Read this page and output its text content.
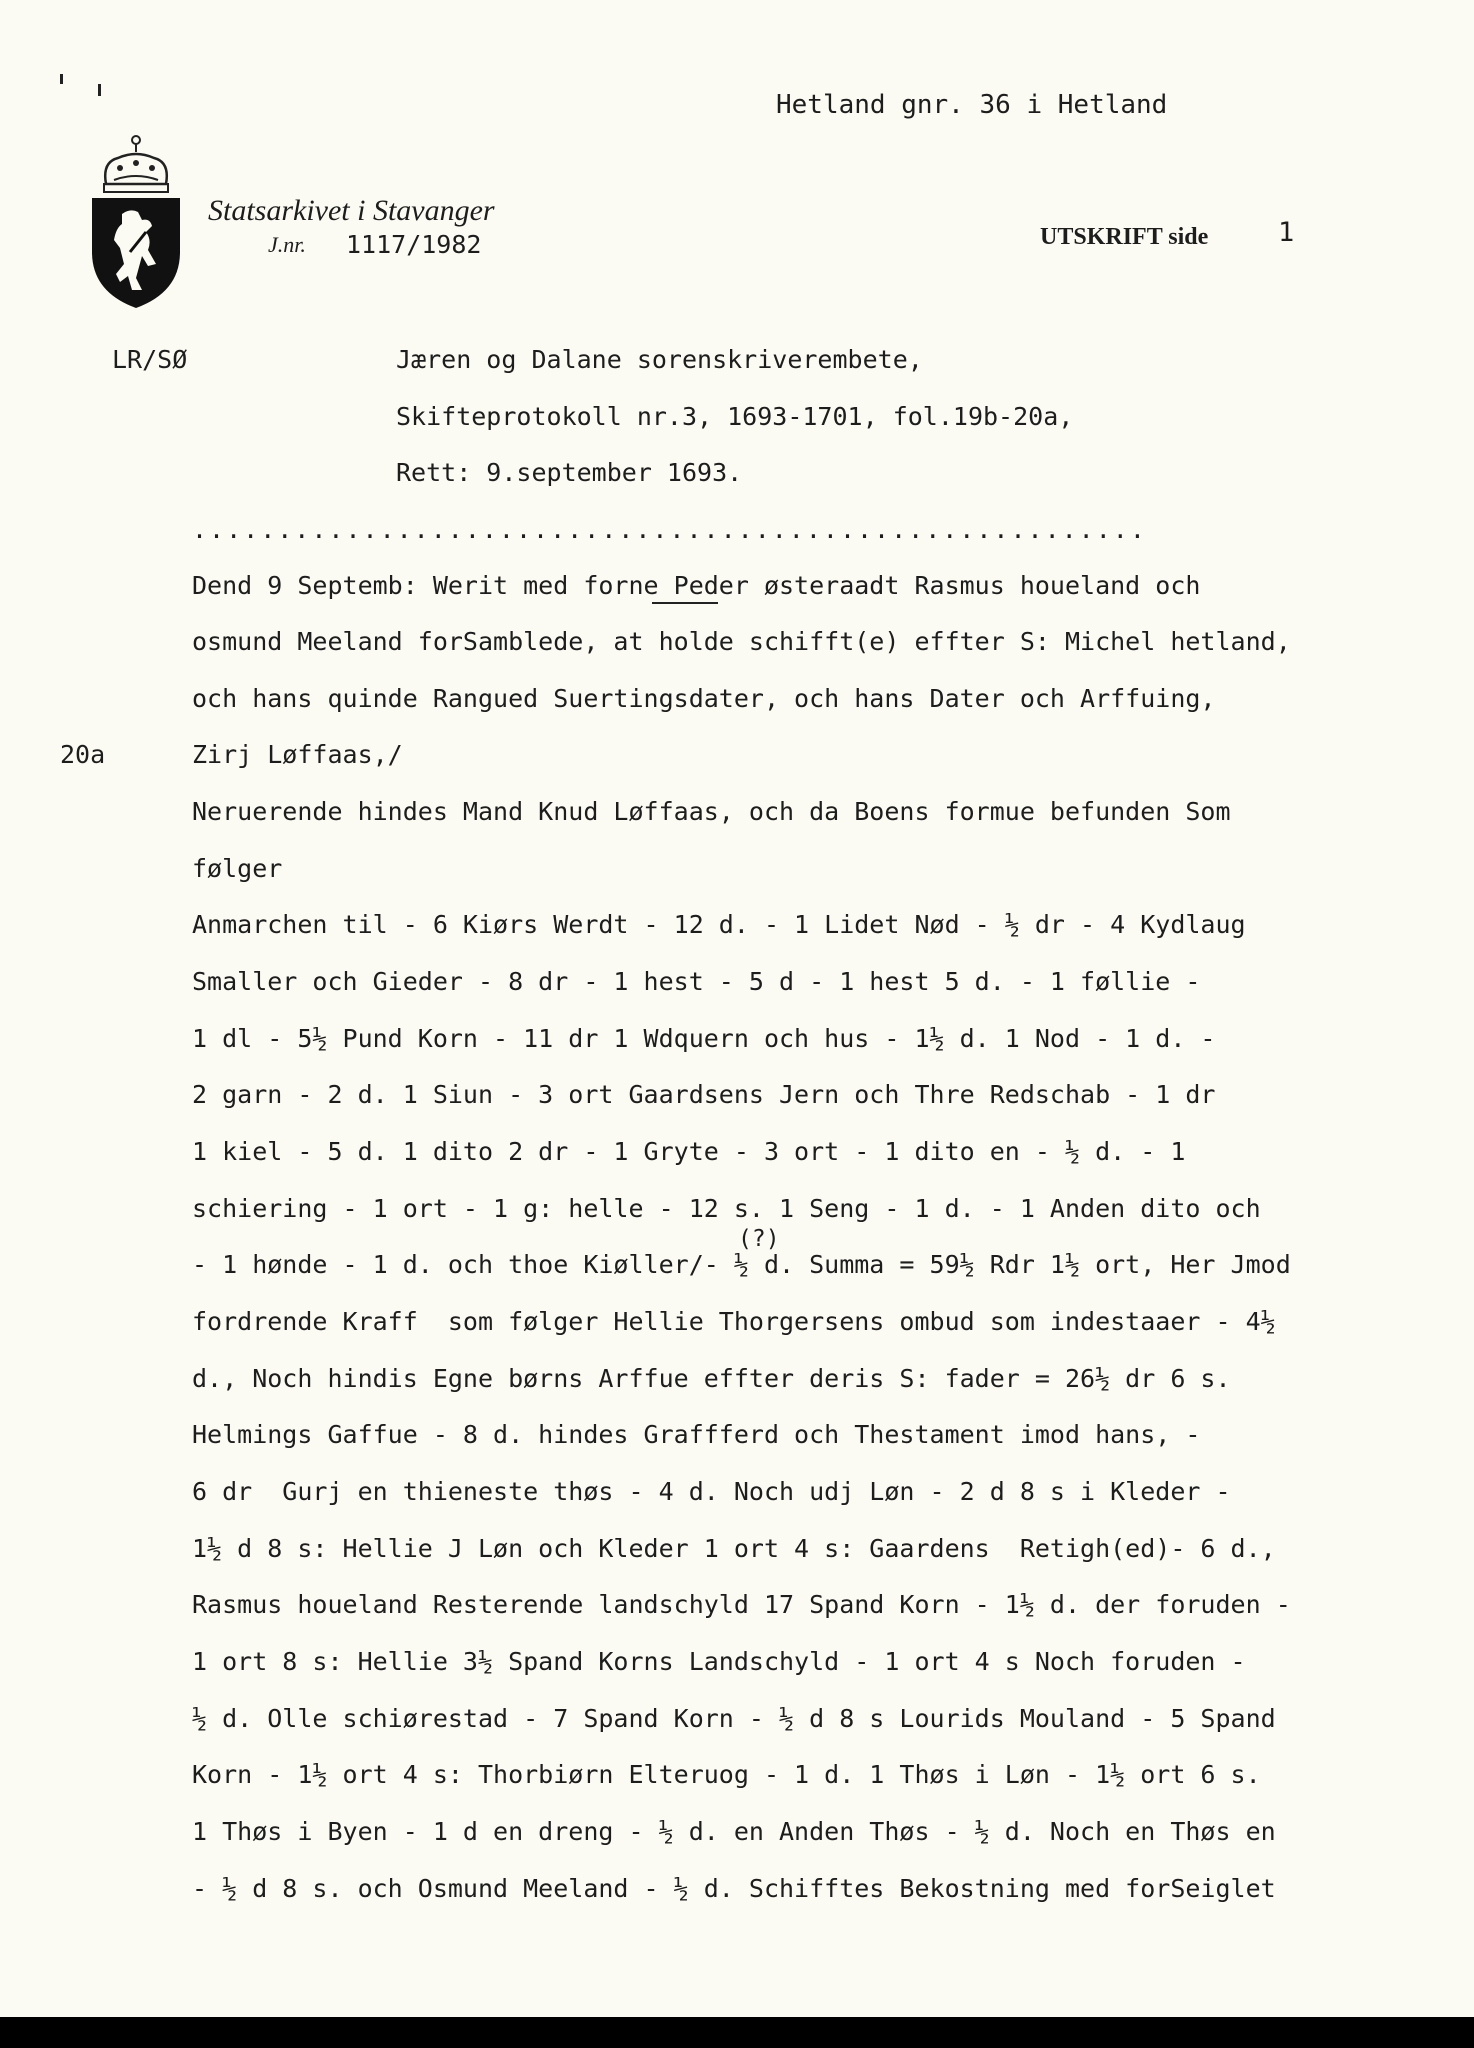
Hetland gnr. 36 i Hetland
Statsarkivet i Stavanger
J.nr. 1117/1982	UTSKRIFT side	1
LR/SØ	Jæren og Dalane sorenskriverembete,
Skifteprotokoll nr.3, 1693-1701, fol.19b-20a,
Rett: 9.september 1693.
........................................................
20a
(?)
Dend 9 Septemb: Werit med forne Peder østeraadt Rasmus houeland och
osmund Meeland forSamblede, at holde schifft(e) effter S: Michel hetland,
och hans quinde Rangued Suertingsdater, och hans Dater och Arffuing,
Zirj Løffaas,/
Neruerende hindes Mand Knud Løffaas, och da Boens formue befunden Som
følger
Anmarchen til - 6 Kiørs Werdt - 12 d. - 1 Lidet Nød - ½ dr - 4 Kydlaug
Smaller och Gieder - 8 dr - 1 hest - 5 d - 1 hest 5 d. - 1 føllie -
1 dl - 5½ Pund Korn - 11 dr 1 Wdquern och hus - 1½ d. 1 Nod - 1 d. -
2 garn - 2 d. 1 Siun - 3 ort Gaardsens Jern och Thre Redschab - 1 dr
1 kiel - 5 d. 1 dito 2 dr - 1 Gryte - 3 ort - 1 dito en - ½ d. - 1
schiering - 1 ort - 1 g: helle - 12 s. 1 Seng - 1 d. - 1 Anden dito och
- 1 hønde - 1 d. och thoe Kiøller/- ½ d. Summa = 59½ Rdr 1½ ort, Her Jmod
fordrende Kraff  som følger Hellie Thorgersens ombud som indestaaer - 4½
d., Noch hindis Egne børns Arffue effter deris S: fader = 26½ dr 6 s.
Helmings Gaffue - 8 d. hindes Graffferd och Thestament imod hans, -
6 dr  Gurj en thieneste thøs - 4 d. Noch udj Løn - 2 d 8 s i Kleder -
1½ d 8 s: Hellie J Løn och Kleder 1 ort 4 s: Gaardens  Retigh(ed)- 6 d.,
Rasmus houeland Resterende landschyld 17 Spand Korn - 1½ d. der foruden -
1 ort 8 s: Hellie 3½ Spand Korns Landschyld - 1 ort 4 s Noch foruden -
½ d. Olle schiørestad - 7 Spand Korn - ½ d 8 s Lourids Mouland - 5 Spand
Korn - 1½ ort 4 s: Thorbiørn Elteruog - 1 d. 1 Thøs i Løn - 1½ ort 6 s.
1 Thøs i Byen - 1 d en dreng - ½ d. en Anden Thøs - ½ d. Noch en Thøs en
- ½ d 8 s. och Osmund Meeland - ½ d. Schifftes Bekostning med forSeiglet
